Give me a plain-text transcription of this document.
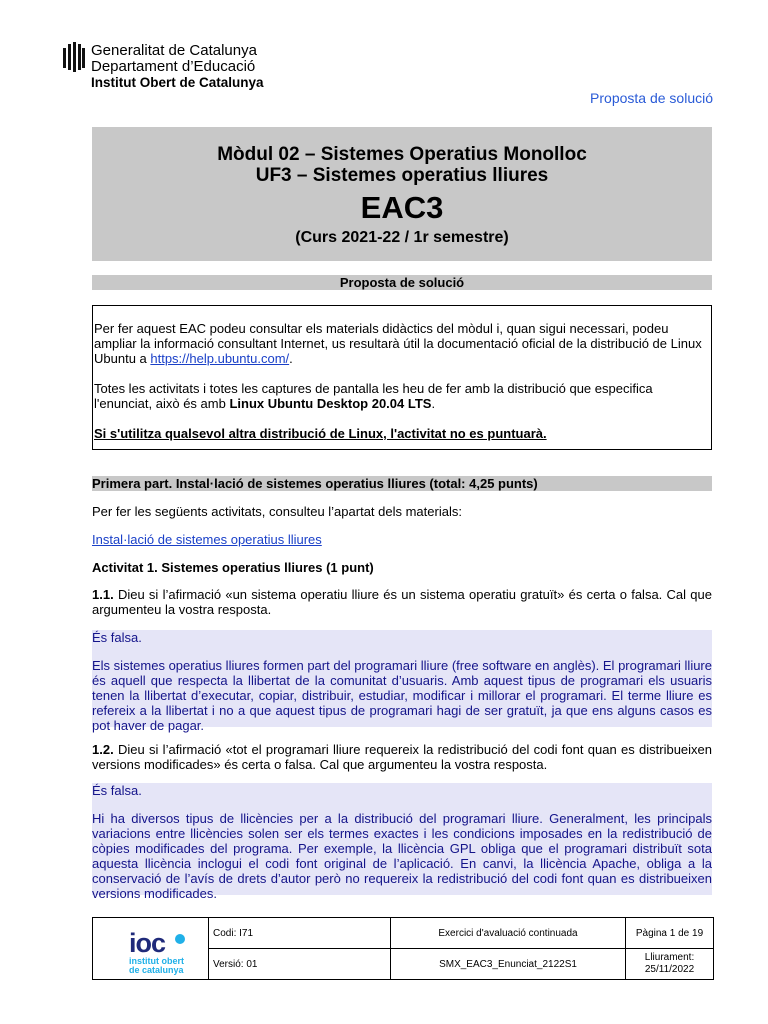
Generalitat de Catalunya
Departament d’Educació
Institut Obert de Catalunya
Proposta de solució
Mòdul 02 – Sistemes Operatius Monolloc
UF3 – Sistemes operatius lliures
EAC3
(Curs 2021-22 / 1r semestre)
Proposta de solució

Per fer aquest EAC podeu consultar els materials didàctics del mòdul i, quan sigui necessari, podeu ampliar la informació consultant Internet, us resultarà útil la documentació oficial de la distribució de Linux Ubuntu a https://help.ubuntu.com/.

Totes les activitats i totes les captures de pantalla les heu de fer amb la distribució que especifica l'enunciat, això és amb Linux Ubuntu Desktop 20.04 LTS.

Si s'utilitza qualsevol altra distribució de Linux, l'activitat no es puntuarà.

Primera part. Instal·lació de sistemes operatius lliures (total: 4,25 punts)
Per fer les següents activitats, consulteu l’apartat dels materials:
Instal·lació de sistemes operatius lliures
Activitat 1. Sistemes operatius lliures (1 punt)
1.1. Dieu si l’afirmació «un sistema operatiu lliure és un sistema operatiu gratuït» és certa o falsa. Cal que argumenteu la vostra resposta.

És falsa.

Els sistemes operatius lliures formen part del programari lliure (free software en anglès). El programari lliure és aquell que respecta la llibertat de la comunitat d’usuaris. Amb aquest tipus de programari els usuaris tenen la llibertat d’executar, copiar, distribuir, estudiar, modificar i millorar el programari. El terme lliure es refereix a la llibertat i no a que aquest tipus de programari hagi de ser gratuït, ja que ens alguns casos es pot haver de pagar.

1.2. Dieu si l’afirmació «tot el programari lliure requereix la redistribució del codi font quan es distribueixen versions modificades» és certa o falsa. Cal que argumenteu la vostra resposta.

És falsa.

Hi ha diversos tipus de llicències per a la distribució del programari lliure. Generalment, les principals variacions entre llicències solen ser els termes exactes i les condicions imposades en la redistribució de còpies modificades del programa. Per exemple, la llicència GPL obliga que el programari distribuït sota aquesta llicència inclogui el codi font original de l’aplicació. En canvi, la llicència Apache, obliga a la conservació de l’avís de drets d’autor però no requereix la redistribució del codi font quan es distribueixen versions modificades.

ioc
institut obert
de catalunya
Codi: I71
Versió: 01
Exercici d'avaluació continuada
SMX_EAC3_Enunciat_2122S1
Pàgina 1 de 19
Lliurament:
25/11/2022
